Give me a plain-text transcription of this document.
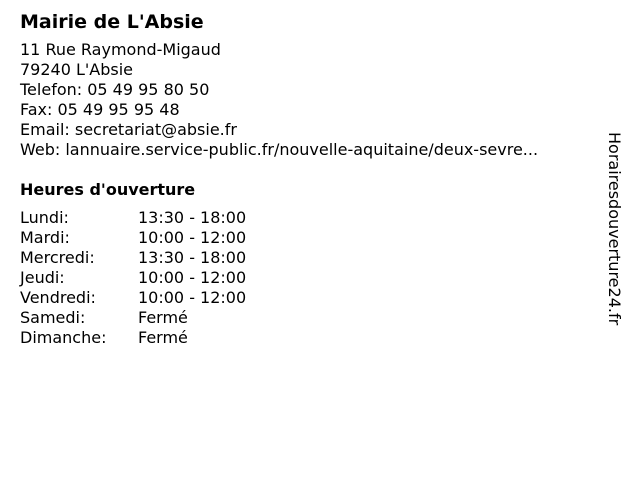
Mairie de L'Absie
11 Rue Raymond-Migaud
79240 L'Absie
Telefon: 05 49 95 80 50
Fax: 05 49 95 95 48
Email: secretariat@absie.fr
Web: lannuaire.service-public.fr/nouvelle-aquitaine/deux-sevre...
Heures d'ouverture
Lundi:	13:30 - 18:00
Mardi:	10:00 - 12:00
Mercredi:	13:30 - 18:00
Jeudi:	10:00 - 12:00
Vendredi:	10:00 - 12:00
Samedi:	Fermé
Dimanche:	Fermé
Horairesdouverture24.fr
